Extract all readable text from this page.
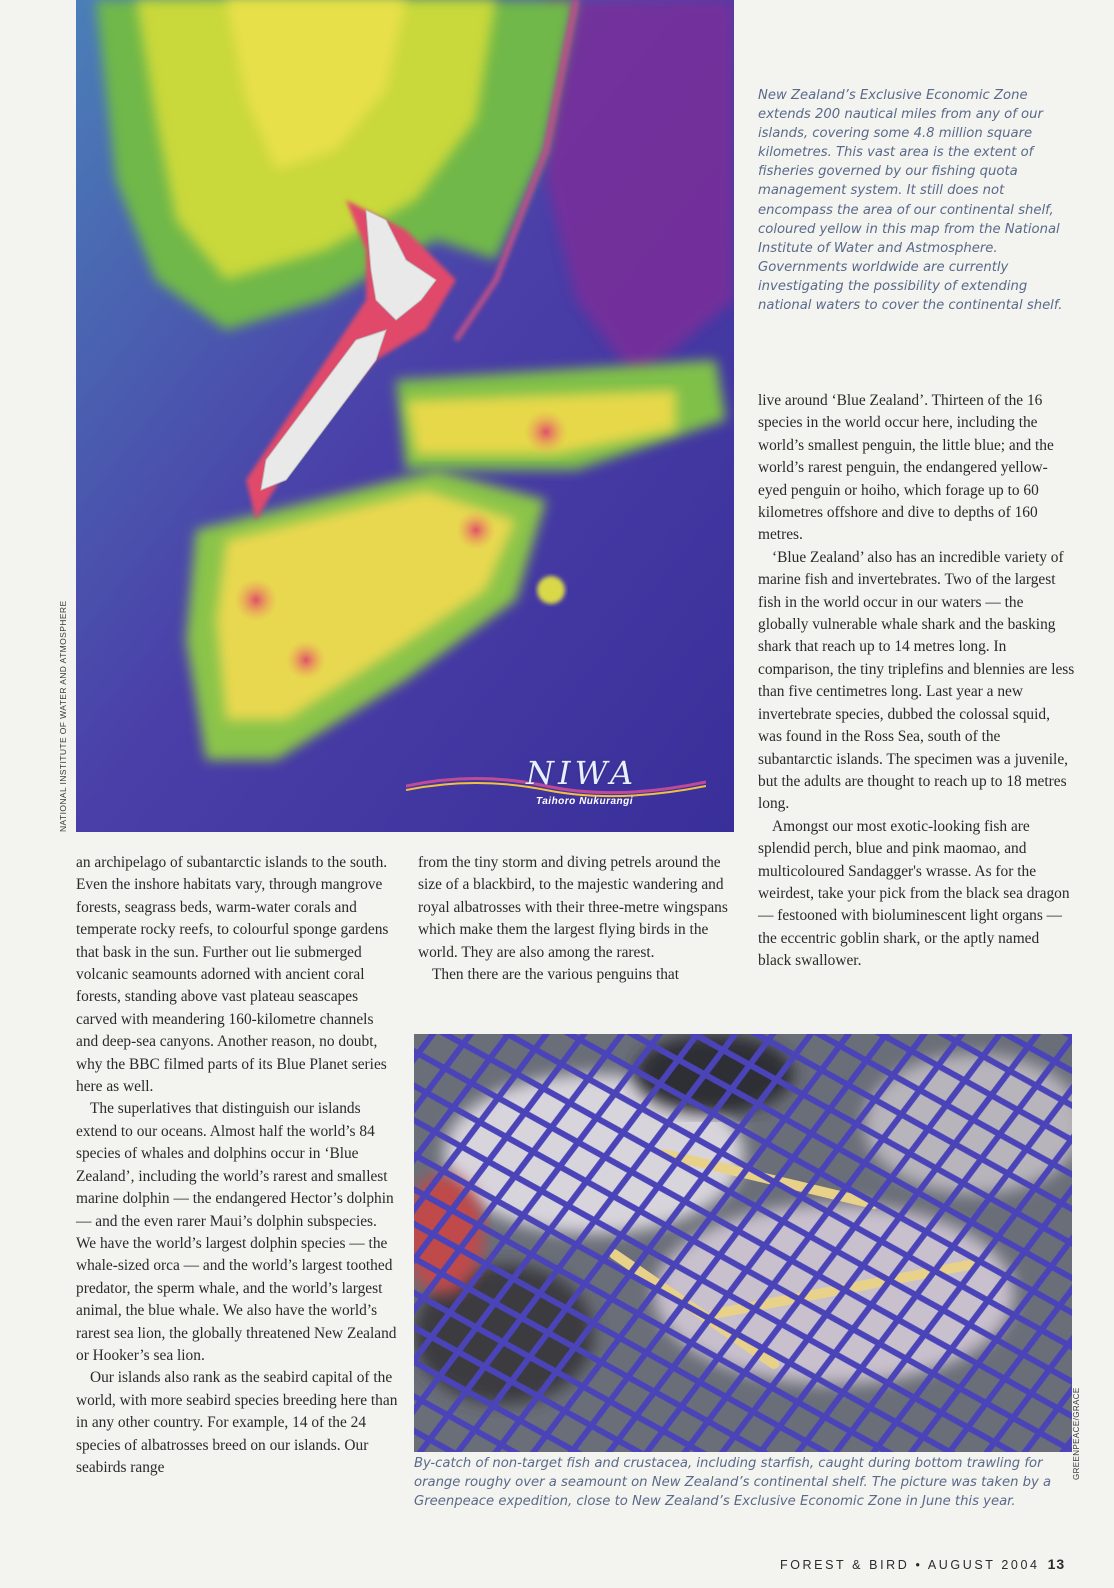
NIWA
Taihoro Nukurangi
NATIONAL INSTITUTE OF WATER AND ATMOSPHERE
New Zealand’s Exclusive Economic Zone extends 200 nautical miles from any of our islands, covering some 4.8 million square kilometres. This vast area is the extent of fisheries governed by our fishing quota management system. It still does not encompass the area of our continental shelf, coloured yellow in this map from the National Institute of Water and Astmosphere. Governments worldwide are currently investigating the possibility of extending national waters to cover the continental shelf.

an archipelago of subantarctic islands to the south. Even the inshore habitats vary, through mangrove forests, seagrass beds, warm-water corals and temperate rocky reefs, to colourful sponge gardens that bask in the sun. Further out lie submerged volcanic seamounts adorned with ancient coral forests, standing above vast plateau seascapes carved with meandering 160-kilometre channels and deep-sea canyons. Another reason, no doubt, why the BBC filmed parts of its Blue Planet series here as well.

The superlatives that distinguish our islands extend to our oceans. Almost half the world’s 84 species of whales and dolphins occur in ‘Blue Zealand’, including the world’s rarest and smallest marine dolphin — the endangered Hector’s dolphin — and the even rarer Maui’s dolphin subspecies. We have the world’s largest dolphin species — the whale-sized orca — and the world’s largest toothed predator, the sperm whale, and the world’s largest animal, the blue whale. We also have the world’s rarest sea lion, the globally threatened New Zealand or Hooker’s sea lion.

Our islands also rank as the seabird capital of the world, with more seabird species breeding here than in any other country. For example, 14 of the 24 species of albatrosses breed on our islands. Our seabirds range

from the tiny storm and diving petrels around the size of a blackbird, to the majestic wandering and royal albatrosses with their three-metre wingspans which make them the largest flying birds in the world. They are also among the rarest.

Then there are the various penguins that

live around ‘Blue Zealand’. Thirteen of the 16 species in the world occur here, including the world’s smallest penguin, the little blue; and the world’s rarest penguin, the endangered yellow-eyed penguin or hoiho, which forage up to 60 kilometres offshore and dive to depths of 160 metres.

‘Blue Zealand’ also has an incredible variety of marine fish and invertebrates. Two of the largest fish in the world occur in our waters — the globally vulnerable whale shark and the basking shark that reach up to 14 metres long. In comparison, the tiny triplefins and blennies are less than five centimetres long. Last year a new invertebrate species, dubbed the colossal squid, was found in the Ross Sea, south of the subantarctic islands. The specimen was a juvenile, but the adults are thought to reach up to 18 metres long.

Amongst our most exotic-looking fish are splendid perch, blue and pink maomao, and multicoloured Sandagger's wrasse. As for the weirdest, take your pick from the black sea dragon — festooned with bioluminescent light organs — the eccentric goblin shark, or the aptly named black swallower.

GREENPEACE/GRACE
By-catch of non-target fish and crustacea, including starfish, caught during bottom trawling for orange roughy over a seamount on New Zealand’s continental shelf. The picture was taken by a Greenpeace expedition, close to New Zealand’s Exclusive Economic Zone in June this year.
FOREST & BIRD • AUGUST 2004 13
